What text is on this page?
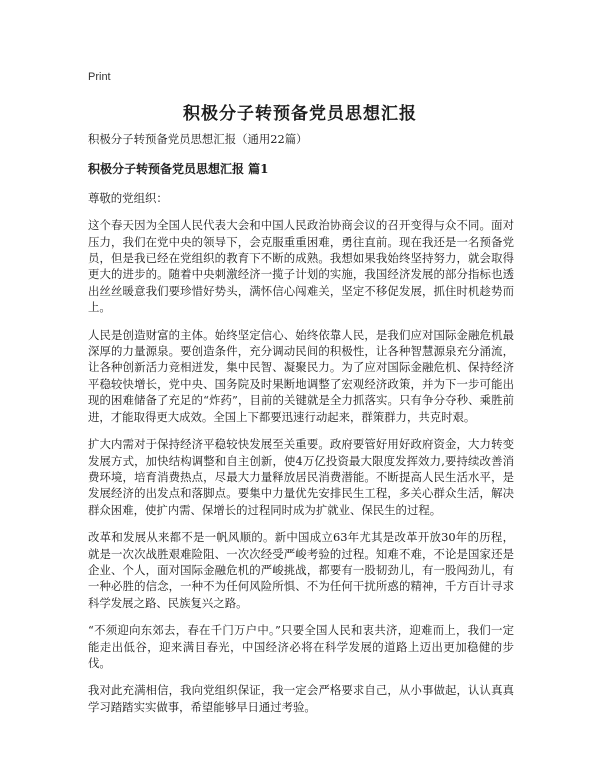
Print
积极分子转预备党员思想汇报

积极分子转预备党员思想汇报（通用22篇）

积极分子转预备党员思想汇报 篇1

尊敬的党组织：

这个春天因为全国人民代表大会和中国人民政治协商会议的召开变得与众不同。面对压力，我们在党中央的领导下，会克服重重困难，勇往直前。现在我还是一名预备党员，但是我已经在党组织的教育下不断的成熟。我想如果我始终坚持努力，就会取得更大的进步的。随着中央刺激经济一揽子计划的实施，我国经济发展的部分指标也透出丝丝暖意我们要珍惜好势头，满怀信心闯难关，坚定不移促发展，抓住时机趁势而上。

人民是创造财富的主体。始终坚定信心、始终依靠人民，是我们应对国际金融危机最深厚的力量源泉。要创造条件，充分调动民间的积极性，让各种智慧源泉充分涌流，让各种创新活力竞相迸发，集中民智、凝聚民力。为了应对国际金融危机、保持经济平稳较快增长，党中央、国务院及时果断地调整了宏观经济政策，并为下一步可能出现的困难储备了充足的“炸药”，目前的关键就是全力抓落实。只有争分夺秒、乘胜前进，才能取得更大成效。全国上下都要迅速行动起来，群策群力，共克时艰。

扩大内需对于保持经济平稳较快发展至关重要。政府要管好用好政府资金，大力转变发展方式，加快结构调整和自主创新，使4万亿投资最大限度发挥效力,要持续改善消费环境，培育消费热点，尽最大力量释放居民消费潜能。不断提高人民生活水平，是发展经济的出发点和落脚点。要集中力量优先安排民生工程，多关心群众生活，解决群众困难，使扩内需、保增长的过程同时成为扩就业、保民生的过程。

改革和发展从来都不是一帆风顺的。新中国成立63年尤其是改革开放30年的历程，就是一次次战胜艰难险阻、一次次经受严峻考验的过程。知难不难，不论是国家还是企业、个人，面对国际金融危机的严峻挑战，都要有一股韧劲儿，有一股闯劲儿，有一种必胜的信念，一种不为任何风险所惧、不为任何干扰所惑的精神，千方百计寻求科学发展之路、民族复兴之路。

“不须迎向东郊去，春在千门万户中。”只要全国人民和衷共济，迎难而上，我们一定能走出低谷，迎来满目春光，中国经济必将在科学发展的道路上迈出更加稳健的步伐。

我对此充满相信，我向党组织保证，我一定会严格要求自己，从小事做起，认认真真学习踏踏实实做事，希望能够早日通过考验。
